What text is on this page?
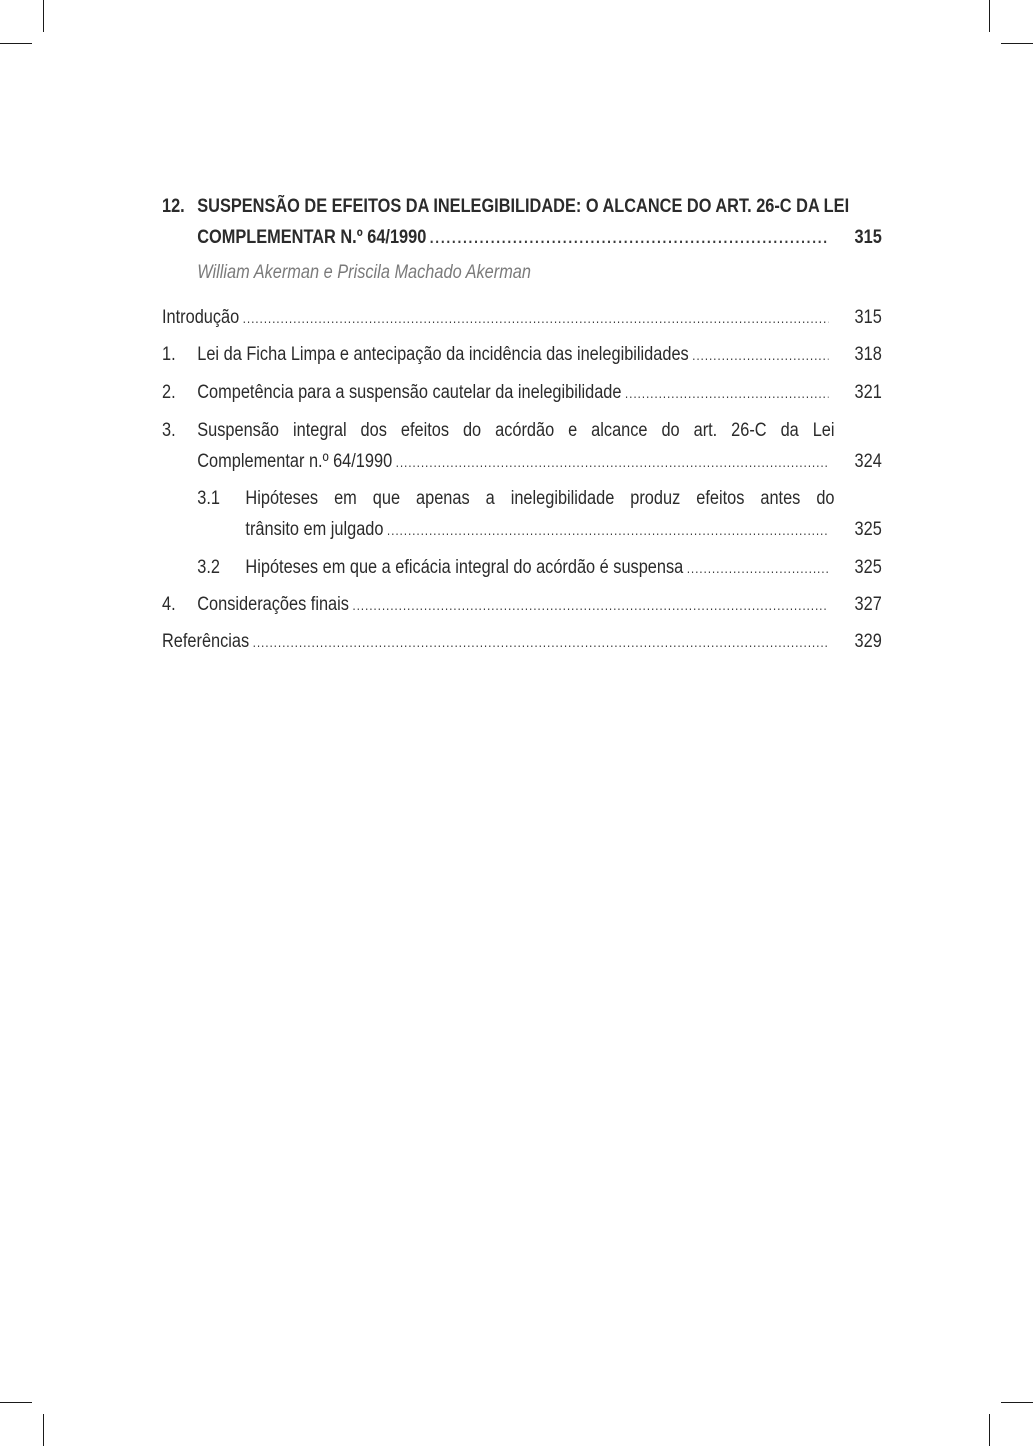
12. SUSPENSÃO DE EFEITOS DA INELEGIBILIDADE: O ALCANCE DO ART. 26-C DA LEI
COMPLEMENTAR N.º 64/1990 .....	315
William Akerman e Priscila Machado Akerman
Introdução .....	315
1.	Lei da Ficha Limpa e antecipação da incidência das inelegibilidades .....	318
2.	Competência para a suspensão cautelar da inelegibilidade .....	321
3.	Suspensão integral dos efeitos do acórdão e alcance do art. 26-C da Lei
Complementar n.º 64/1990 .....	324
3.1	Hipóteses em que apenas a inelegibilidade produz efeitos antes do
trânsito em julgado .....	325
3.2	Hipóteses em que a eficácia integral do acórdão é suspensa .....	325
4.	Considerações finais .....	327
Referências .....	329
